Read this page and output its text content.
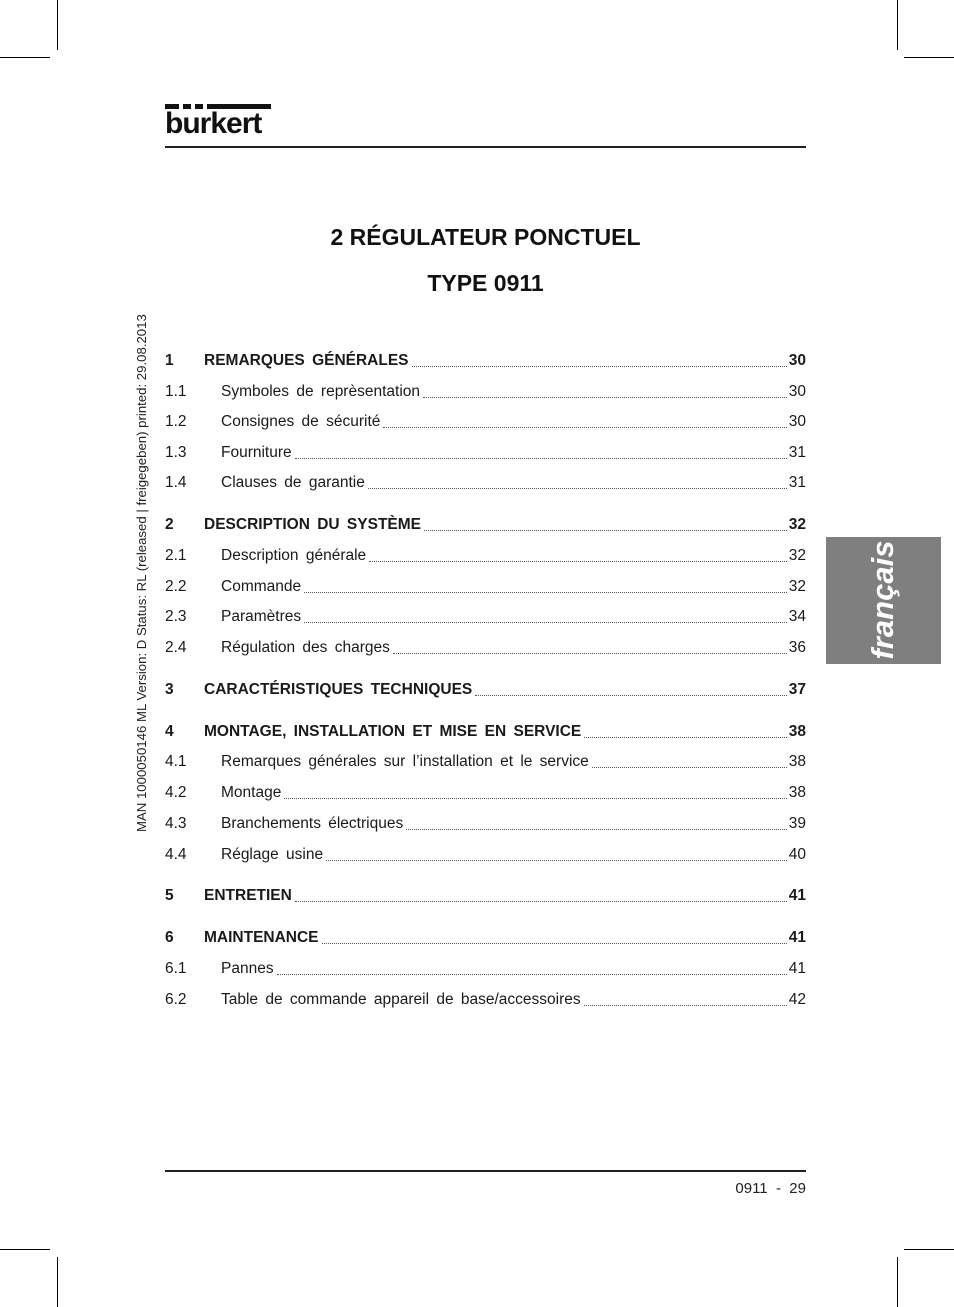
burkert
MAN 1000050146 ML Version: D Status: RL (released | freigegeben) printed: 29.08.2013	français
2 RÉGULATEUR PONCTUEL
TYPE 0911
1	REMARQUES GÉNÉRALES	30
1.1	Symboles de reprèsentation	30
1.2	Consignes de sécurité	30
1.3	Fourniture	31
1.4	Clauses de garantie	31
2	DESCRIPTION DU SYSTÈME	32
2.1	Description générale	32
2.2	Commande	32
2.3	Paramètres	34
2.4	Régulation des charges	36
3	CARACTÉRISTIQUES TECHNIQUES	37
4	MONTAGE, INSTALLATION ET MISE EN SERVICE	38
4.1	Remarques générales sur l’installation et le service	38
4.2	Montage	38
4.3	Branchements électriques	39
4.4	Réglage usine	40
5	ENTRETIEN	41
6	MAINTENANCE	41
6.1	Pannes	41
6.2	Table de commande appareil de base/accessoires	42
0911  -  29
